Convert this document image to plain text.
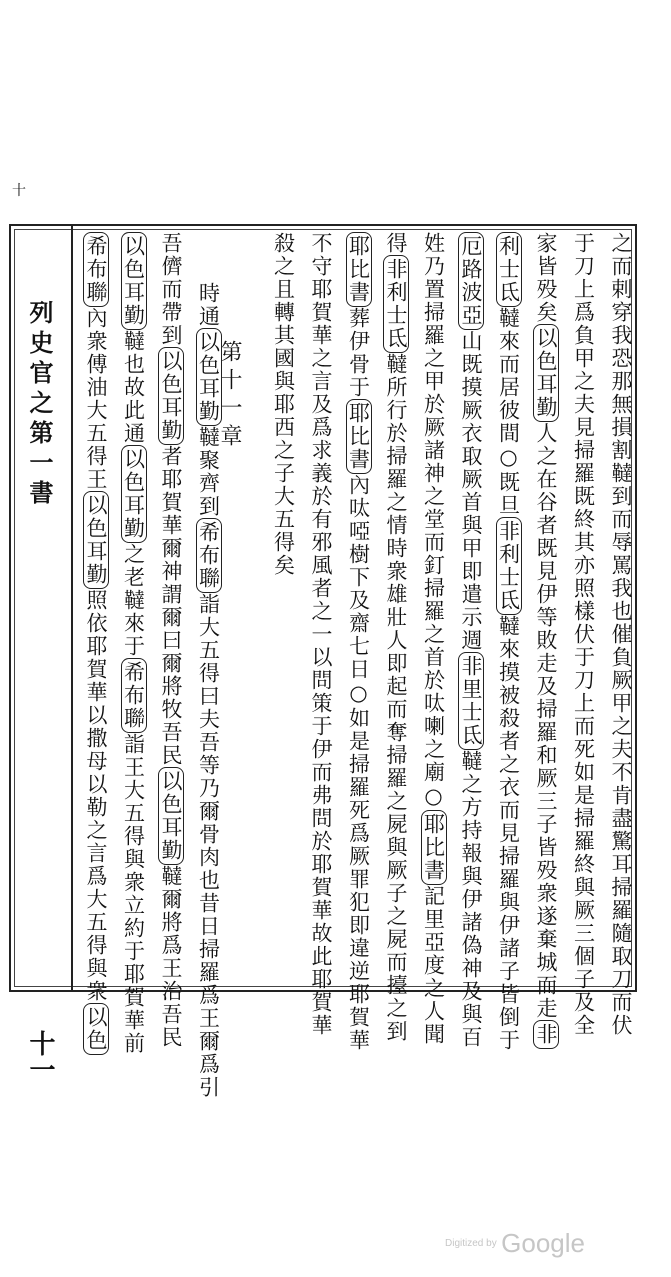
十
列史官之第一書
十一
第十一章	之而剌穿我恐那無損割韃到而辱罵我也催負厥甲之夫不肯盡驚耳掃羅隨取刀而伏
于刀上爲負甲之夫見掃羅既終其亦照樣伏于刀上而死如是掃羅終與厥三個子及全
家皆殁矣以色耳勤人之在谷者既見伊等敗走及掃羅和厥三子皆殁衆遂棄城而走非
利士氐韃來而居彼間○既旦非利士氐韃來摸被殺者之衣而見掃羅與伊諸子皆倒于
厄路波亞山既摸厥衣取厥首與甲即遣示週非里士氐韃之方持報與伊諸偽神及與百
姓乃置掃羅之甲於厥諸神之堂而釘掃羅之首於呔喇之廟○耶比書記里亞度之人聞
得非利士氐韃所行於掃羅之情時衆雄壯人即起而奪掃羅之屍與厥子之屍而擡之到
耶比書葬伊骨于耶比書內呔啞樹下及齋七日○如是掃羅死爲厥罪犯即違逆耶賀華
不守耶賀華之言及爲求義於有邪風者之一以問策于伊而弗問於耶賀華故此耶賀華
殺之且轉其國與耶西之子大五得矣
時通以色耳勤韃聚齊到希布聯詣大五得曰夫吾等乃爾骨肉也昔日掃羅爲王爾爲引
吾儕而帶到以色耳勤者耶賀華爾神謂爾曰爾將牧吾民以色耳勤韃爾將爲王治吾民
以色耳勤韃也故此通以色耳勤之老韃來于希布聯詣王大五得與衆立約于耶賀華前
希布聯內衆傅油大五得王以色耳勤照依耶賀華以撒母以勒之言爲大五得與衆以色
Digitized by Google
